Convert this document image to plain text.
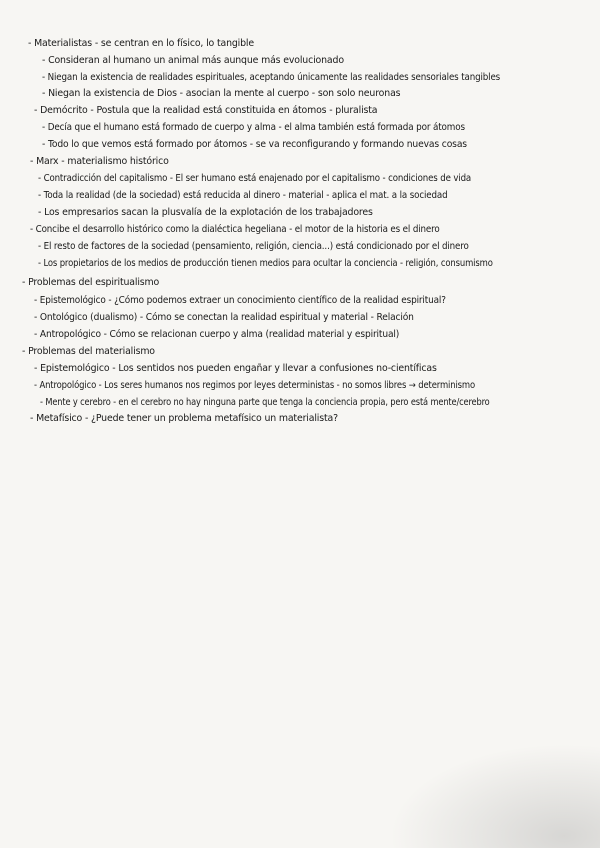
- Materialistas - se centran en lo físico, lo tangible
- Consideran al humano un animal más aunque más evolucionado
- Niegan la existencia de realidades espirituales, aceptando únicamente las realidades sensoriales tangibles
- Niegan la existencia de Dios - asocian la mente al cuerpo - son solo neuronas
- Demócrito - Postula que la realidad está constituida en átomos - pluralista
- Decía que el humano está formado de cuerpo y alma - el alma también está formada por átomos
- Todo lo que vemos está formado por átomos - se va reconfigurando y formando nuevas cosas
- Marx - materialismo histórico
- Contradicción del capitalismo - El ser humano está enajenado por el capitalismo - condiciones de vida
- Toda la realidad (de la sociedad) está reducida al dinero - material - aplica el mat. a la sociedad
- Los empresarios sacan la plusvalía de la explotación de los trabajadores
- Concibe el desarrollo histórico como la dialéctica hegeliana - el motor de la historia es el dinero
- El resto de factores de la sociedad (pensamiento, religión, ciencia...) está condicionado por el dinero
- Los propietarios de los medios de producción tienen medios para ocultar la conciencia - religión, consumismo
- Problemas del espiritualismo
- Epistemológico - ¿Cómo podemos extraer un conocimiento científico de la realidad espiritual?
- Ontológico (dualismo) - Cómo se conectan la realidad espiritual y material - Relación
- Antropológico - Cómo se relacionan cuerpo y alma (realidad material y espiritual)
- Problemas del materialismo
- Epistemológico - Los sentidos nos pueden engañar y llevar a confusiones no-científicas
- Antropológico - Los seres humanos nos regimos por leyes deterministas - no somos libres → determinismo
- Mente y cerebro - en el cerebro no hay ninguna parte que tenga la conciencia propia, pero está mente/cerebro
- Metafísico - ¿Puede tener un problema metafísico un materialista?
